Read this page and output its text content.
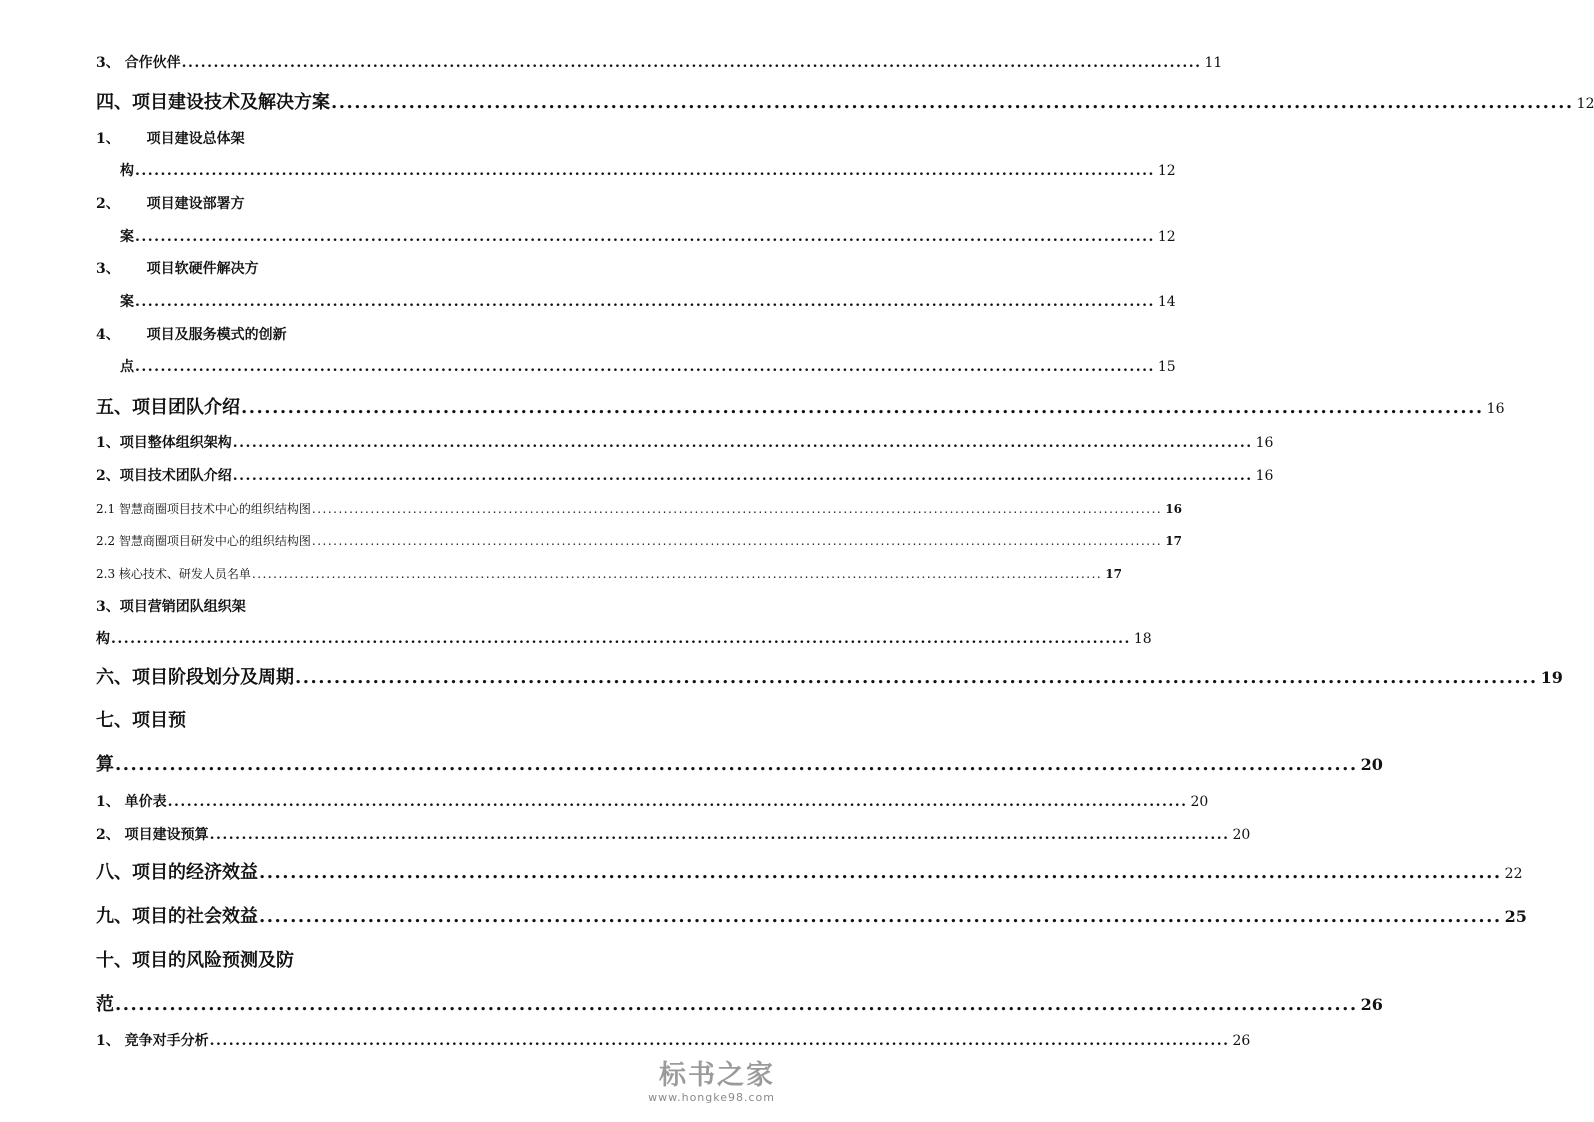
3、 合作伙伴 ................................................................................................................................................................ 11
四、项目建设技术及解决方案 ................................................................................................................................................................ 12
1、 项目建设总体架
构 ................................................................................................................................................................ 12
2、 项目建设部署方
案 ................................................................................................................................................................ 12
3、 项目软硬件解决方
案 ................................................................................................................................................................ 14
4、 项目及服务模式的创新
点 ................................................................................................................................................................ 15
五、项目团队介绍 ................................................................................................................................................................ 16
1、项目整体组织架构 ................................................................................................................................................................ 16
2、项目技术团队介绍 ................................................................................................................................................................ 16
2.1 智慧商圈项目技术中心的组织结构图 ................................................................................................................................................................ 16
2.2 智慧商圈项目研发中心的组织结构图 ................................................................................................................................................................ 17
2.3 核心技术、研发人员名单 ................................................................................................................................................................ 17
3、项目营销团队组织架
构 ................................................................................................................................................................ 18
六、项目阶段划分及周期 ................................................................................................................................................................ 19
七、项目预
算 ................................................................................................................................................................ 20
1、 单价表 ................................................................................................................................................................ 20
2、 项目建设预算 ................................................................................................................................................................ 20
八、项目的经济效益 ................................................................................................................................................................ 22
九、项目的社会效益 ................................................................................................................................................................ 25
十、项目的风险预测及防
范 ................................................................................................................................................................ 26
1、 竞争对手分析 ................................................................................................................................................................ 26
标书之家
www.hongke98.com
